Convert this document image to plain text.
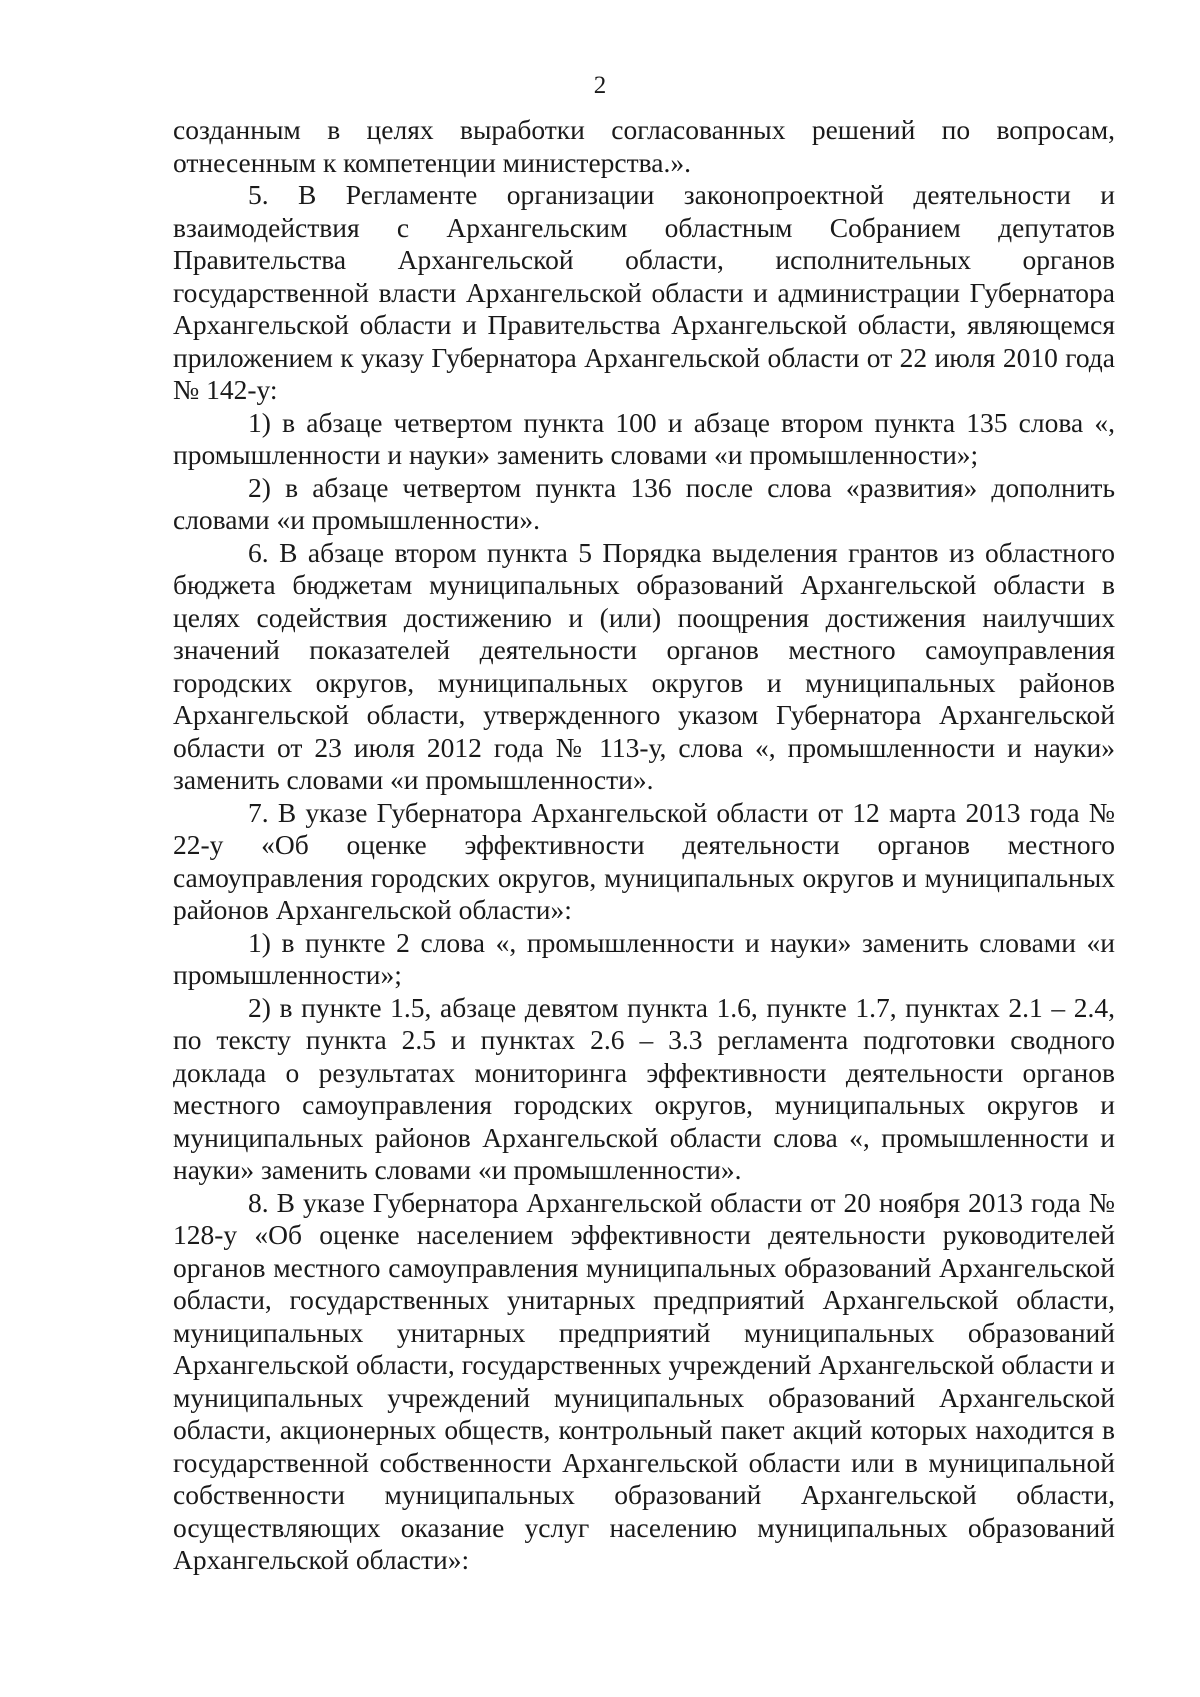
2

созданным в целях выработки согласованных решений по вопросам, отнесенным к компетенции министерства.».

5. В Регламенте организации законопроектной деятельности и взаимодействия с Архангельским областным Собранием депутатов Правительства Архангельской области, исполнительных органов государственной власти Архангельской области и администрации Губернатора Архангельской области и Правительства Архангельской области, являющемся приложением к указу Губернатора Архангельской области от 22 июля 2010 года № 142-у:

1) в абзаце четвертом пункта 100 и абзаце втором пункта 135 слова «, промышленности и науки» заменить словами «и промышленности»;

2) в абзаце четвертом пункта 136 после слова «развития» дополнить словами «и промышленности».

6. В абзаце втором пункта 5 Порядка выделения грантов из областного бюджета бюджетам муниципальных образований Архангельской области в целях содействия достижению и (или) поощрения достижения наилучших значений показателей деятельности органов местного самоуправления городских округов, муниципальных округов и муниципальных районов Архангельской области, утвержденного указом Губернатора Архангельской области от 23 июля 2012 года № 113-у, слова «, промышленности и науки» заменить словами «и промышленности».

7. В указе Губернатора Архангельской области от 12 марта 2013 года № 22-у «Об оценке эффективности деятельности органов местного самоуправления городских округов, муниципальных округов и муниципальных районов Архангельской области»:

1) в пункте 2 слова «, промышленности и науки» заменить словами «и промышленности»;

2) в пункте 1.5, абзаце девятом пункта 1.6, пункте 1.7, пунктах 2.1 – 2.4, по тексту пункта 2.5 и пунктах 2.6 – 3.3 регламента подготовки сводного доклада о результатах мониторинга эффективности деятельности органов местного самоуправления городских округов, муниципальных округов и муниципальных районов Архангельской области слова «, промышленности и науки» заменить словами «и промышленности».

8. В указе Губернатора Архангельской области от 20 ноября 2013 года № 128-у «Об оценке населением эффективности деятельности руководителей органов местного самоуправления муниципальных образований Архангельской области, государственных унитарных предприятий Архангельской области, муниципальных унитарных предприятий муниципальных образований Архангельской области, государственных учреждений Архангельской области и муниципальных учреждений муниципальных образований Архангельской области, акционерных обществ, контрольный пакет акций которых находится в государственной собственности Архангельской области или в муниципальной собственности муниципальных образований Архангельской области, осуществляющих оказание услуг населению муниципальных образований Архангельской области»:
